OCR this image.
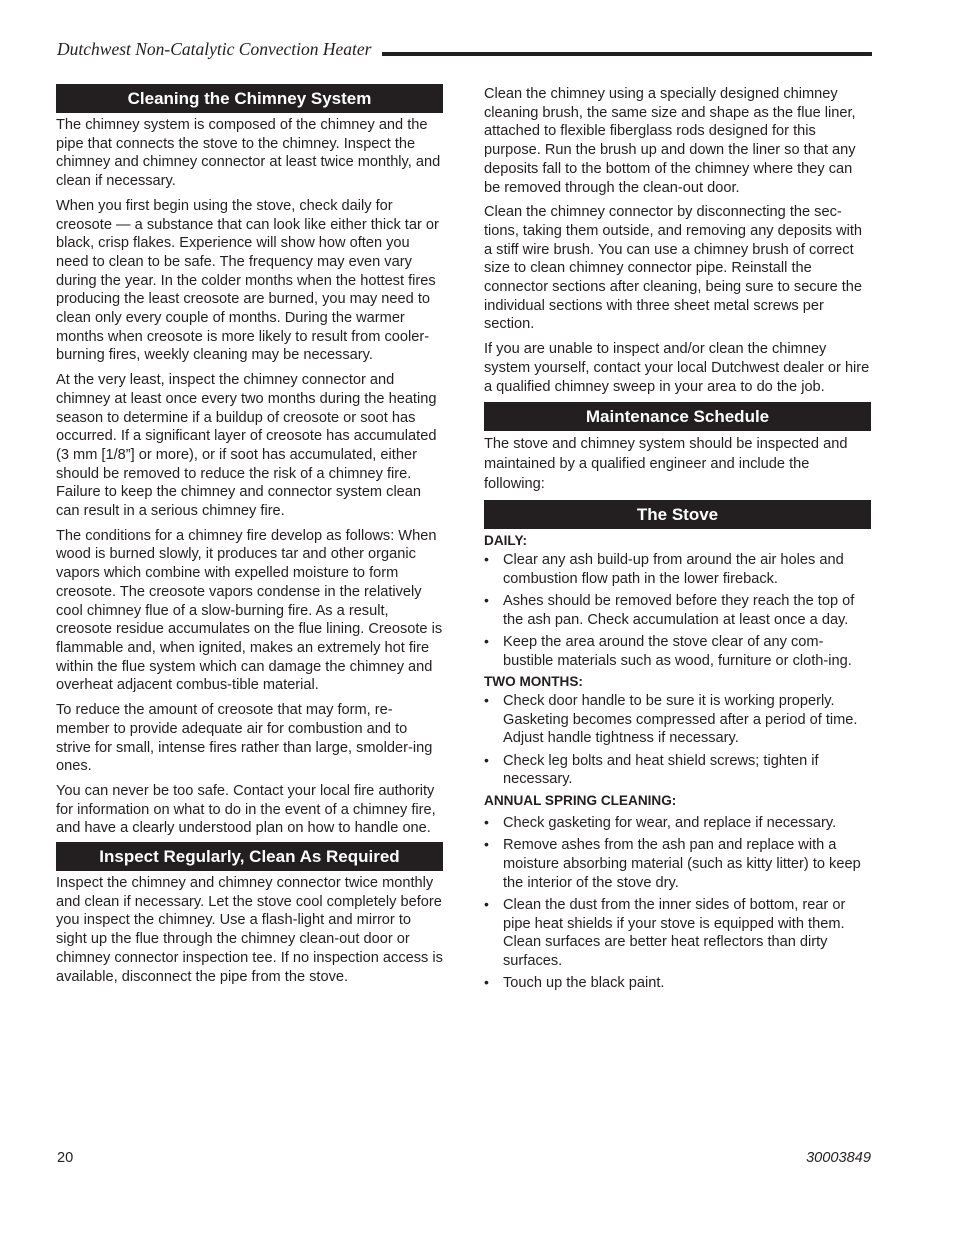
Dutchwest Non-Catalytic Convection Heater
Cleaning the Chimney System

The chimney system is composed of the chimney and the pipe that connects the stove to the chimney. Inspect the chimney and chimney connector at least twice monthly, and clean if necessary.

When you first begin using the stove, check daily for creosote — a substance that can look like either thick tar or black, crisp flakes. Experience will show how often you need to clean to be safe. The frequency may even vary during the year. In the colder months when the hottest fires producing the least creosote are burned, you may need to clean only every couple of months. During the warmer months when creosote is more likely to result from cooler-burning fires, weekly cleaning may be necessary.

At the very least, inspect the chimney connector and chimney at least once every two months during the heating season to determine if a buildup of creosote or soot has occurred. If a significant layer of creosote has accumulated (3 mm [1/8”] or more), or if soot has accumulated, either should be removed to reduce the risk of a chimney fire. Failure to keep the chimney and connector system clean can result in a serious chimney fire.

The conditions for a chimney fire develop as follows: When wood is burned slowly, it produces tar and other organic vapors which combine with expelled moisture to form creosote. The creosote vapors condense in the relatively cool chimney flue of a slow-burning fire. As a result, creosote residue accumulates on the flue lining. Creosote is flammable and, when ignited, makes an extremely hot fire within the flue system which can damage the chimney and overheat adjacent combus-tible material.

To reduce the amount of creosote that may form, re-member to provide adequate air for combustion and to strive for small, intense fires rather than large, smolder-ing ones.

You can never be too safe. Contact your local fire authority for information on what to do in the event of a chimney fire, and have a clearly understood plan on how to handle one.

Inspect Regularly, Clean As Required

Inspect the chimney and chimney connector twice monthly and clean if necessary. Let the stove cool completely before you inspect the chimney. Use a flash-light and mirror to sight up the flue through the chimney clean-out door or chimney connector inspection tee. If no inspection access is available, disconnect the pipe from the stove.

Clean the chimney using a specially designed chimney cleaning brush, the same size and shape as the flue liner, attached to flexible fiberglass rods designed for this purpose. Run the brush up and down the liner so that any deposits fall to the bottom of the chimney where they can be removed through the clean-out door.

Clean the chimney connector by disconnecting the sec-tions, taking them outside, and removing any deposits with a stiff wire brush. You can use a chimney brush of correct size to clean chimney connector pipe. Reinstall the connector sections after cleaning, being sure to secure the individual sections with three sheet metal screws per section.

If you are unable to inspect and/or clean the chimney system yourself, contact your local Dutchwest dealer or hire a qualified chimney sweep in your area to do the job.

Maintenance Schedule

The stove and chimney system should be inspected and maintained by a qualified engineer and include the following:

The Stove
DAILY:
• Clear any ash build-up from around the air holes and combustion flow path in the lower fireback.
• Ashes should be removed before they reach the top of the ash pan. Check accumulation at least once a day.
• Keep the area around the stove clear of any com-bustible materials such as wood, furniture or cloth-ing.
TWO MONTHS:
• Check door handle to be sure it is working properly. Gasketing becomes compressed after a period of time. Adjust handle tightness if necessary.
• Check leg bolts and heat shield screws; tighten if necessary.
ANNUAL SPRING CLEANING:
• Check gasketing for wear, and replace if necessary.
• Remove ashes from the ash pan and replace with a moisture absorbing material (such as kitty litter) to keep the interior of the stove dry.
• Clean the dust from the inner sides of bottom, rear or pipe heat shields if your stove is equipped with them. Clean surfaces are better heat reflectors than dirty surfaces.
• Touch up the black paint.
20	30003849
